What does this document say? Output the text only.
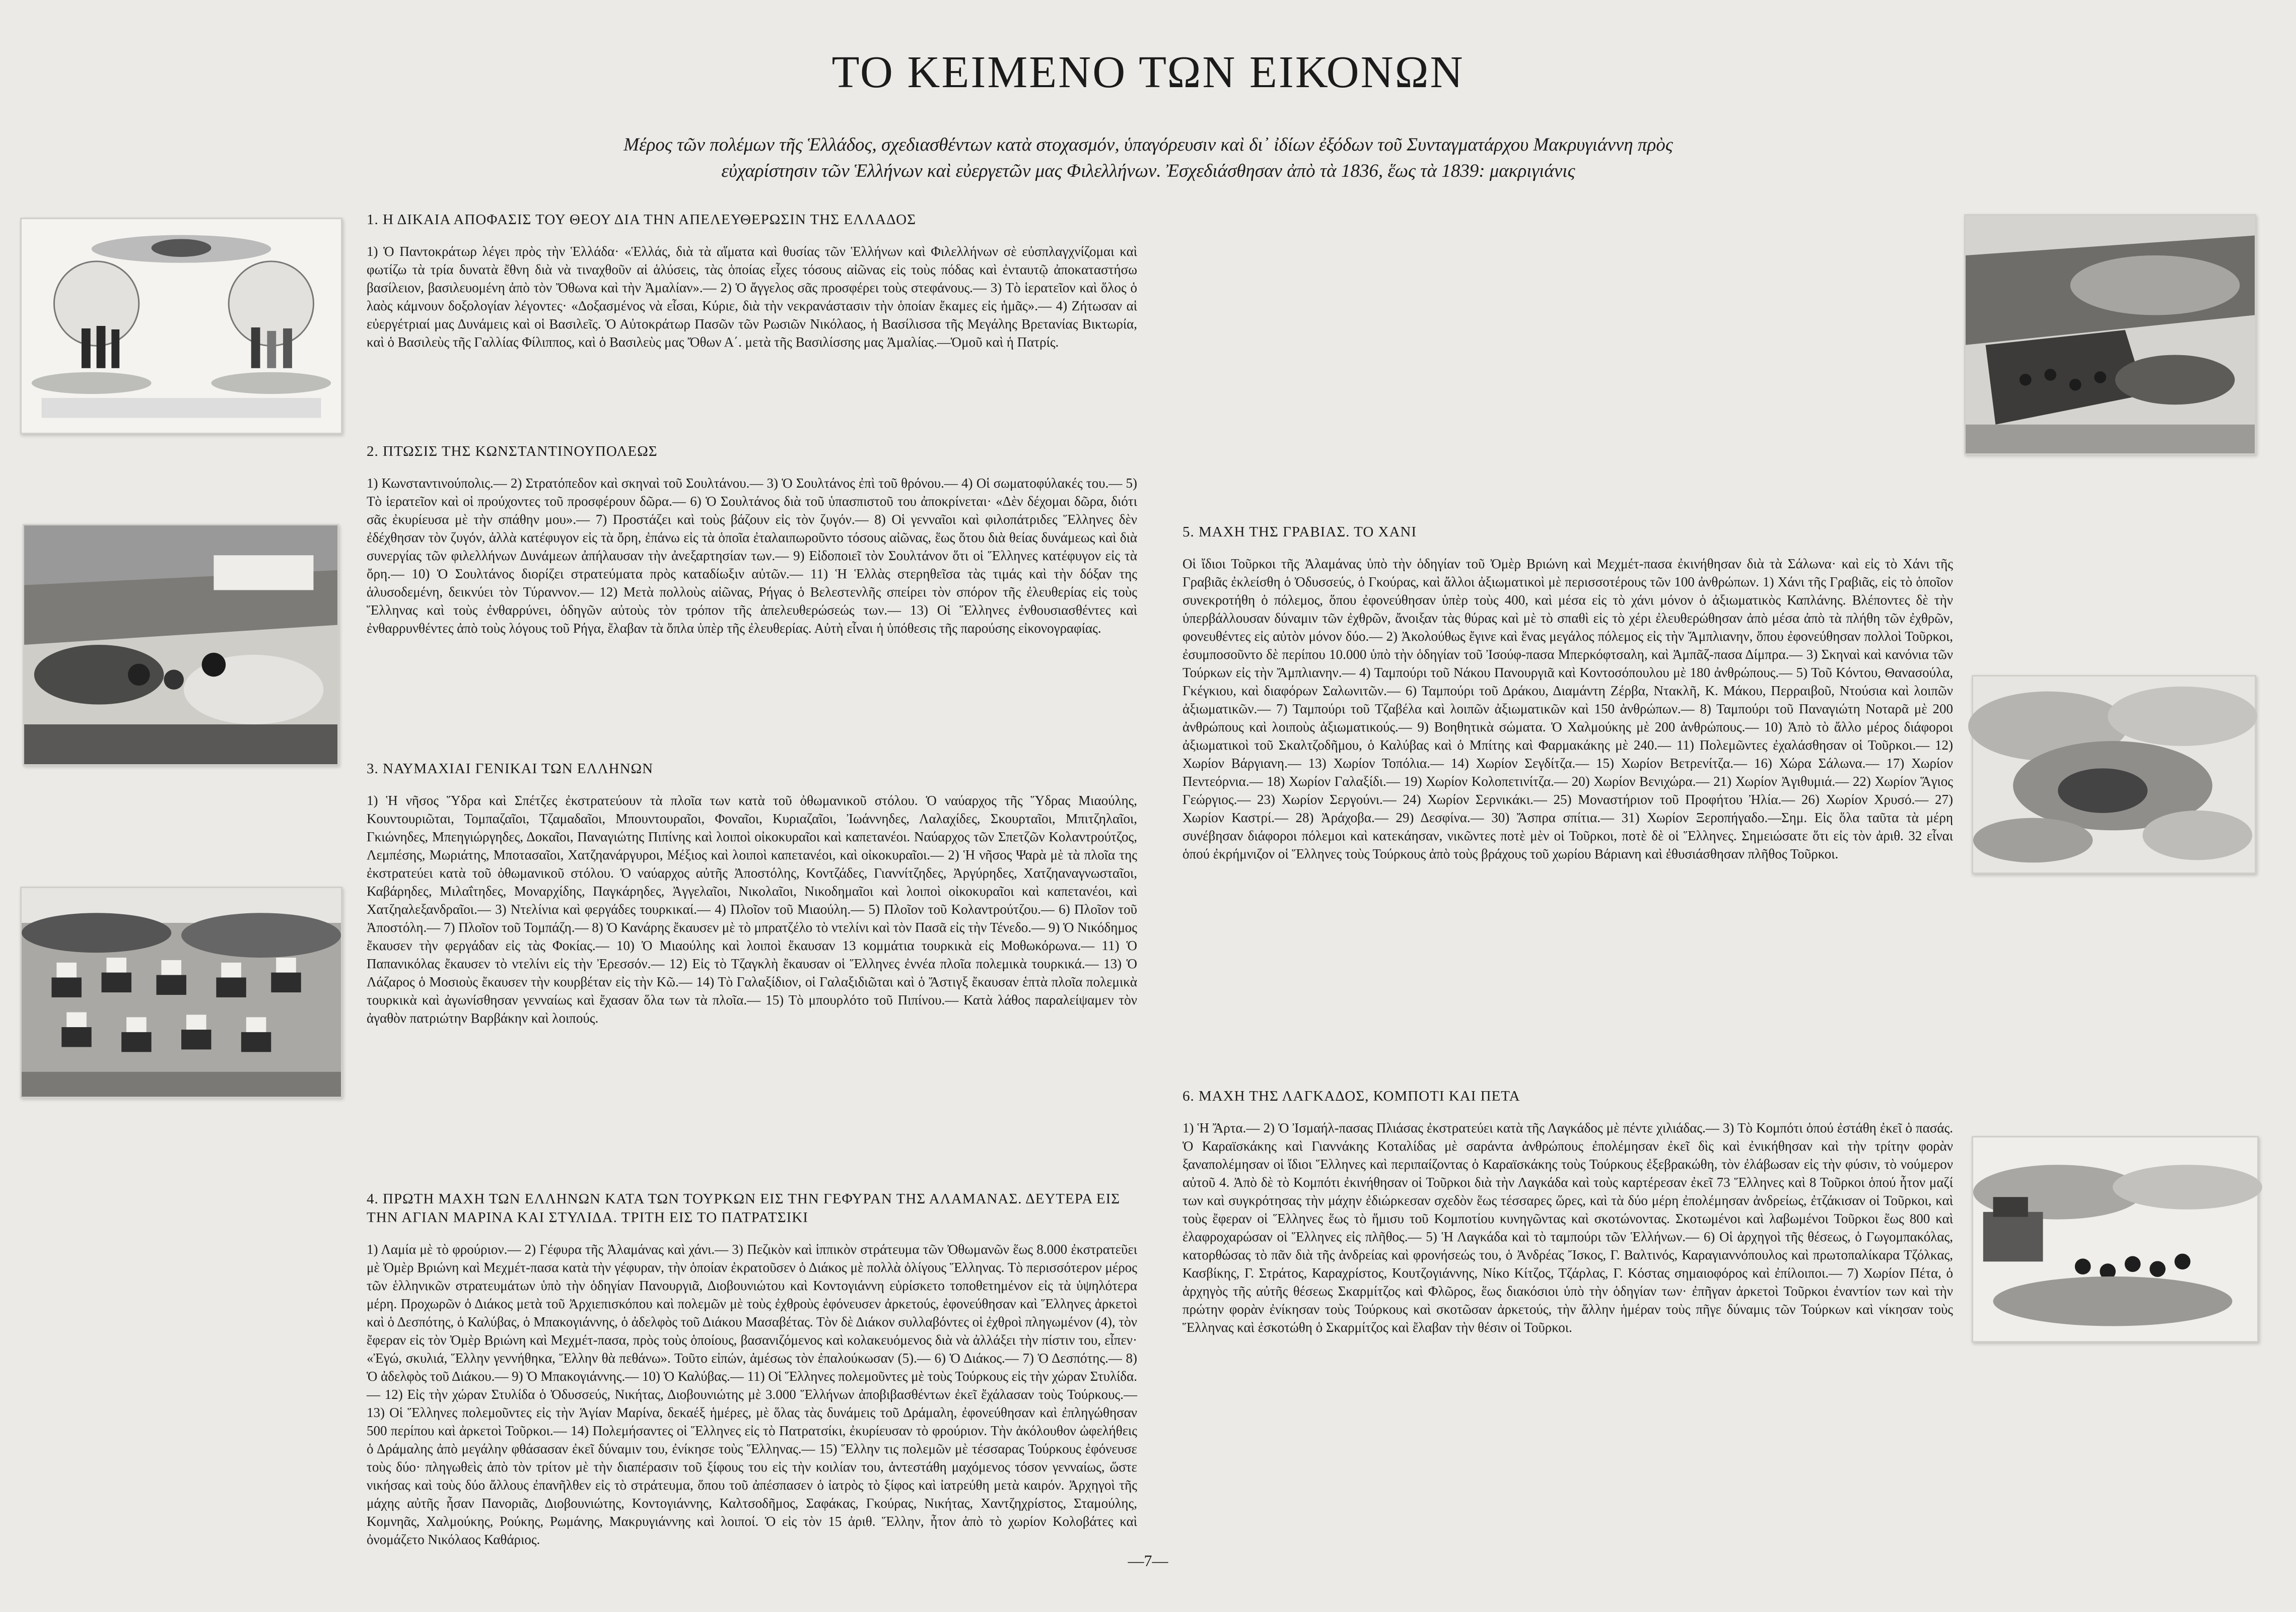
ΤΟ ΚΕΙΜΕΝΟ ΤΩΝ ΕΙΚΟΝΩΝ

Μέρος τῶν πολέμων τῆς Ἑλλάδος, σχεδιασθέντων κατὰ στοχασμόν, ὑπαγόρευσιν καὶ δι᾿ ἰδίων ἐξόδων τοῦ Συνταγματάρχου Μακρυγιάννη πρὸς
εὐχαρίστησιν τῶν Ἑλλήνων καὶ εὐεργετῶν μας Φιλελλήνων. Ἐσχεδιάσθησαν ἀπὸ τὰ 1836, ἕως τὰ 1839: μακριγιάνις

1. Η ΔΙΚΑΙΑ ΑΠΟΦΑΣΙΣ ΤΟΥ ΘΕΟΥ ΔΙΑ ΤΗΝ ΑΠΕΛΕΥΘΕΡΩΣΙΝ ΤΗΣ ΕΛΛΑΔΟΣ

1) Ὁ Παντοκράτωρ λέγει πρὸς τὴν Ἑλλάδα· «Ἑλλάς, διὰ τὰ αἵματα καὶ θυσίας τῶν Ἑλλήνων καὶ Φιλελλήνων σὲ εὐσπλαγχνίζομαι καὶ φωτίζω τὰ τρία δυνατὰ ἔθνη διὰ νὰ τιναχθοῦν αἱ ἁλύσεις, τὰς ὁποίας εἶχες τόσους αἰῶνας εἰς τοὺς πόδας καὶ ἐνταυτῷ ἀποκαταστήσω βασίλειον, βασιλευομένη ἀπὸ τὸν Ὄθωνα καὶ τὴν Ἀμαλίαν».— 2) Ὁ ἄγγελος σᾶς προσφέρει τοὺς στεφάνους.— 3) Τὸ ἱερατεῖον καὶ ὅλος ὁ λαὸς κάμνουν δοξολογίαν λέγοντες· «Δοξασμένος νὰ εἶσαι, Κύριε, διὰ τὴν νεκρανάστασιν τὴν ὁποίαν ἔκαμες εἰς ἡμᾶς».— 4) Ζήτωσαν αἱ εὐεργέτριαί μας Δυνάμεις καὶ οἱ Βασιλεῖς. Ὁ Αὐτοκράτωρ Πασῶν τῶν Ρωσιῶν Νικόλαος, ἡ Βασίλισσα τῆς Μεγάλης Βρετανίας Βικτωρία, καὶ ὁ Βασιλεὺς τῆς Γαλλίας Φίλιππος, καὶ ὁ Βασιλεὺς μας Ὄθων Α΄. μετὰ τῆς Βασιλίσσης μας Ἀμαλίας.—Ὁμοῦ καὶ ἡ Πατρίς.

2. ΠΤΩΣΙΣ ΤΗΣ ΚΩΝΣΤΑΝΤΙΝΟΥΠΟΛΕΩΣ

1) Κωνσταντινούπολις.— 2) Στρατόπεδον καὶ σκηναὶ τοῦ Σουλτάνου.— 3) Ὁ Σουλτάνος ἐπὶ τοῦ θρόνου.— 4) Οἱ σωματοφύλακές του.— 5) Τὸ ἱερατεῖον καὶ οἱ προύχοντες τοῦ προσφέρουν δῶρα.— 6) Ὁ Σουλτάνος διὰ τοῦ ὑπασπιστοῦ του ἀποκρίνεται· «Δὲν δέχομαι δῶρα, διότι σᾶς ἐκυρίευσα μὲ τὴν σπάθην μου».— 7) Προστάζει καὶ τοὺς βάζουν εἰς τὸν ζυγόν.— 8) Οἱ γενναῖοι καὶ φιλοπάτριδες Ἕλληνες δὲν ἐδέχθησαν τὸν ζυγόν, ἀλλὰ κατέφυγον εἰς τὰ ὄρη, ἐπάνω εἰς τὰ ὁποῖα ἐταλαιπωροῦντο τόσους αἰῶνας, ἕως ὅτου διὰ θείας δυνάμεως καὶ διὰ συνεργίας τῶν φιλελλήνων Δυνάμεων ἀπήλαυσαν τὴν ἀνεξαρτησίαν των.— 9) Εἰδοποιεῖ τὸν Σουλτάνον ὅτι οἱ Ἕλληνες κατέφυγον εἰς τὰ ὄρη.— 10) Ὁ Σουλτάνος διορίζει στρατεύματα πρὸς καταδίωξιν αὐτῶν.— 11) Ἡ Ἑλλὰς στερηθεῖσα τὰς τιμάς καὶ τὴν δόξαν της ἁλυσοδεμένη, δεικνύει τὸν Τύραννον.— 12) Μετὰ πολλοὺς αἰῶνας, Ρήγας ὁ Βελεστενλῆς σπείρει τὸν σπόρον τῆς ἐλευθερίας εἰς τοὺς Ἕλληνας καὶ τοὺς ἐνθαρρύνει, ὁδηγῶν αὐτοὺς τὸν τρόπον τῆς ἀπελευθερώσεώς των.— 13) Οἱ Ἕλληνες ἐνθουσιασθέντες καὶ ἐνθαρρυνθέντες ἀπὸ τοὺς λόγους τοῦ Ρήγα, ἔλαβαν τὰ ὅπλα ὑπὲρ τῆς ἐλευθερίας. Αὐτὴ εἶναι ἡ ὑπόθεσις τῆς παρούσης εἰκονογραφίας.

3. ΝΑΥΜΑΧΙΑΙ ΓΕΝΙΚΑΙ ΤΩΝ ΕΛΛΗΝΩΝ

1) Ἡ νῆσος Ὕδρα καὶ Σπέτζες ἐκστρατεύουν τὰ πλοῖα των κατὰ τοῦ ὀθωμανικοῦ στόλου. Ὁ ναύαρχος τῆς Ὕδρας Μιαούλης, Κουντουριῶται, Τομπαζαῖοι, Τζαμαδαῖοι, Μπουντουραῖοι, Φοναῖοι, Κυριαζαῖοι, Ἰωάννηδες, Λαλαχίδες, Σκουρταῖοι, Μπιτζηλαῖοι, Γκιώνηδες, Μπεηγιώργηδες, Δοκαῖοι, Παναγιώτης Πιπίνης καὶ λοιποὶ οἰκοκυραῖοι καὶ καπετανέοι. Ναύαρχος τῶν Σπετζῶν Κολαντρούτζος, Λεμπέσης, Μωριάτης, Μποτασαῖοι, Χατζηανάργυροι, Μέξιος καὶ λοιποὶ καπετανέοι, καὶ οἰκοκυραῖοι.— 2) Ἡ νῆσος Ψαρὰ μὲ τὰ πλοῖα της ἐκστρατεύει κατὰ τοῦ ὀθωμανικοῦ στόλου. Ὁ ναύαρχος αὐτῆς Ἀποστόλης, Κοντζάδες, Γιαννίτζηδες, Ἀργύρηδες, Χατζηαναγνωσταῖοι, Καβάρηδες, Μιλαΐτηδες, Μοναρχίδης, Παγκάρηδες, Ἀγγελαῖοι, Νικολαῖοι, Νικοδημαῖοι καὶ λοιποὶ οἰκοκυραῖοι καὶ καπετανέοι, καὶ Χατζηαλεξανδραῖοι.— 3) Ντελίνια καὶ φεργάδες τουρκικαί.— 4) Πλοῖον τοῦ Μιαούλη.— 5) Πλοῖον τοῦ Κολαντρούτζου.— 6) Πλοῖον τοῦ Ἀποστόλη.— 7) Πλοῖον τοῦ Τομπάζη.— 8) Ὁ Κανάρης ἔκαυσεν μὲ τὸ μπρατζέλο τὸ ντελίνι καὶ τὸν Πασᾶ εἰς τὴν Τένεδο.— 9) Ὁ Νικόδημος ἔκαυσεν τὴν φεργάδαν εἰς τὰς Φοκίας.— 10) Ὁ Μιαούλης καὶ λοιποὶ ἔκαυσαν 13 κομμάτια τουρκικὰ εἰς Μοθωκόρωνα.— 11) Ὁ Παπανικόλας ἔκαυσεν τὸ ντελίνι εἰς τὴν Ἐρεσσόν.— 12) Εἰς τὸ Τζαγκλὴ ἔκαυσαν οἱ Ἕλληνες ἐννέα πλοῖα πολεμικὰ τουρκικά.— 13) Ὁ Λάζαρος ὁ Μοσιοὺς ἔκαυσεν τὴν κουρβέταν εἰς τὴν Κῶ.— 14) Τὸ Γαλαξίδιον, οἱ Γαλαξιδιῶται καὶ ὁ Ἄστιγξ ἔκαυσαν ἑπτὰ πλοῖα πολεμικὰ τουρκικὰ καὶ ἀγωνίσθησαν γενναίως καὶ ἔχασαν ὅλα των τὰ πλοῖα.— 15) Τὸ μπουρλότο τοῦ Πιπίνου.— Κατὰ λάθος παραλείψαμεν τὸν ἀγαθὸν πατριώτην Βαρβάκην καὶ λοιπούς.

4. ΠΡΩΤΗ ΜΑΧΗ ΤΩΝ ΕΛΛΗΝΩΝ ΚΑΤΑ ΤΩΝ ΤΟΥΡΚΩΝ ΕΙΣ ΤΗΝ ΓΕΦΥΡΑΝ ΤΗΣ ΑΛΑΜΑΝΑΣ. ΔΕΥΤΕΡΑ ΕΙΣ ΤΗΝ ΑΓΙΑΝ ΜΑΡΙΝΑ ΚΑΙ ΣΤΥΛΙΔΑ. ΤΡΙΤΗ ΕΙΣ ΤΟ ΠΑΤΡΑΤΣΙΚΙ

1) Λαμία μὲ τὸ φρούριον.— 2) Γέφυρα τῆς Ἀλαμάνας καὶ χάνι.— 3) Πεζικὸν καὶ ἱππικὸν στράτευμα τῶν Ὀθωμανῶν ἕως 8.000 ἐκστρατεῦει μὲ Ὀμὲρ Βριώνη καὶ Μεχμέτ-πασα κατὰ τὴν γέφυραν, τὴν ὁποίαν ἐκρατοῦσεν ὁ Διάκος μὲ πολλὰ ὀλίγους Ἕλληνας. Τὸ περισσότερον μέρος τῶν ἑλληνικῶν στρατευμάτων ὑπὸ τὴν ὁδηγίαν Πανουργιᾶ, Διοβουνιώτου καὶ Κοντογιάννη εὑρίσκετο τοποθετημένον εἰς τὰ ὑψηλότερα μέρη. Προχωρῶν ὁ Διάκος μετὰ τοῦ Ἀρχιεπισκόπου καὶ πολεμῶν μὲ τοὺς ἐχθροὺς ἐφόνευσεν ἀρκετούς, ἐφονεύθησαν καὶ Ἕλληνες ἀρκετοὶ καὶ ὁ Δεσπότης, ὁ Καλύβας, ὁ Μπακογιάννης, ὁ ἀδελφὸς τοῦ Διάκου Μασαβέτας. Τὸν δὲ Διάκον συλλαβόντες οἱ ἐχθροὶ πληγωμένον (4), τὸν ἔφεραν εἰς τὸν Ὀμὲρ Βριώνη καὶ Μεχμέτ-πασα, πρὸς τοὺς ὁποίους, βασανιζόμενος καὶ κολακευόμενος διὰ νὰ ἀλλάξει τὴν πίστιν του, εἶπεν· «Ἐγώ, σκυλιά, Ἕλλην γεννήθηκα, Ἕλλην θὰ πεθάνω». Τοῦτο εἰπών, ἀμέσως τὸν ἐπαλούκωσαν (5).— 6) Ὁ Διάκος.— 7) Ὁ Δεσπότης.— 8) Ὁ ἀδελφὸς τοῦ Διάκου.— 9) Ὁ Μπακογιάννης.— 10) Ὁ Καλύβας.— 11) Οἱ Ἕλληνες πολεμοῦντες μὲ τοὺς Τούρκους εἰς τὴν χώραν Στυλίδα.— 12) Εἰς τὴν χώραν Στυλίδα ὁ Ὀδυσσεύς, Νικήτας, Διοβουνιώτης μὲ 3.000 Ἕλλήνων ἀποβιβασθέντων ἐκεῖ ἔχάλασαν τοὺς Τούρκους.— 13) Οἱ Ἕλληνες πολεμοῦντες εἰς τὴν Ἁγίαν Μαρίνα, δεκαέξ ἡμέρες, μὲ ὅλας τὰς δυνάμεις τοῦ Δράμαλη, ἐφονεύθησαν καὶ ἐπληγώθησαν 500 περίπου καὶ ἀρκετοὶ Τοῦρκοι.— 14) Πολεμήσαντες οἱ Ἕλληνες εἰς τὸ Πατρατσίκι, ἐκυρίευσαν τὸ φρούριον. Τὴν ἀκόλουθον ὠφελήθεις ὁ Δράμαλης ἀπὸ μεγάλην φθάσασαν ἐκεῖ δύναμιν του, ἐνίκησε τοὺς Ἕλληνας.— 15) Ἕλλην τις πολεμῶν μὲ τέσσαρας Τούρκους ἐφόνευσε τοὺς δύο· πληγωθεὶς ἀπὸ τὸν τρίτον μὲ τὴν διαπέρασιν τοῦ ξίφους του εἰς τὴν κοιλίαν του, ἀντεστάθη μαχόμενος τόσον γενναίως, ὥστε νικήσας καὶ τοὺς δύο ἄλλους ἐπανῆλθεν εἰς τὸ στράτευμα, ὅπου τοῦ ἀπέσπασεν ὁ ἰατρὸς τὸ ξίφος καὶ ἰατρεύθη μετὰ καιρόν. Ἀρχηγοὶ τῆς μάχης αὐτῆς ἦσαν Πανοριᾶς, Διοβουνιώτης, Κοντογιάννης, Καλτσοδῆμος, Σαφάκας, Γκούρας, Νικήτας, Χαντζηχρίστος, Σταμούλης, Κομνηᾶς, Χαλμούκης, Ρούκης, Ρωμάνης, Μακρυγιάννης καὶ λοιποί. Ὁ εἰς τὸν 15 ἀριθ. Ἕλλην, ἦτον ἀπὸ τὸ χωρίον Κολοβάτες καὶ ὀνομάζετο Νικόλαος Καθάριος.

5. ΜΑΧΗ ΤΗΣ ΓΡΑΒΙΑΣ. ΤΟ ΧΑΝΙ

Οἱ ἴδιοι Τοῦρκοι τῆς Ἀλαμάνας ὑπὸ τὴν ὁδηγίαν τοῦ Ὀμὲρ Βριώνη καὶ Μεχμέτ-πασα ἐκινήθησαν διὰ τὰ Σάλωνα· καὶ εἰς τὸ Χάνι τῆς Γραβιᾶς ἐκλείσθη ὁ Ὀδυσσεύς, ὁ Γκούρας, καὶ ἄλλοι ἀξιωματικοὶ μὲ περισσοτέρους τῶν 100 ἀνθρώπων. 1) Χάνι τῆς Γραβιᾶς, εἰς τὸ ὁποῖον συνεκροτήθη ὁ πόλεμος, ὅπου ἐφονεύθησαν ὑπὲρ τοὺς 400, καὶ μέσα εἰς τὸ χάνι μόνον ὁ ἀξιωματικὸς Καπλάνης. Βλέποντες δὲ τὴν ὑπερβάλλουσαν δύναμιν τῶν ἐχθρῶν, ἄνοιξαν τὰς θύρας καὶ μὲ τὸ σπαθὶ εἰς τὸ χέρι ἐλευθερώθησαν ἀπὸ μέσα ἀπὸ τὰ πλήθη τῶν ἐχθρῶν, φονευθέντες εἰς αὐτὸν μόνον δύο.— 2) Ἀκολούθως ἔγινε καὶ ἕνας μεγάλος πόλεμος εἰς τὴν Ἄμπλιανην, ὅπου ἐφονεύθησαν πολλοὶ Τοῦρκοι, ἐσυμποσοῦντο δὲ περίπου 10.000 ὑπὸ τὴν ὁδηγίαν τοῦ Ἰσούφ-πασα Μπερκόφτσαλη, καὶ Ἀμπᾶζ-πασα Δίμπρα.— 3) Σκηναὶ καὶ κανόνια τῶν Τούρκων εἰς τὴν Ἄμπλιανην.— 4) Ταμπούρι τοῦ Νάκου Πανουργιᾶ καὶ Κοντοσόπουλου μὲ 180 ἀνθρώπους.— 5) Τοῦ Κόντου, Θανασούλα, Γκέγκιου, καὶ διαφόρων Σαλωνιτῶν.— 6) Ταμπούρι τοῦ Δράκου, Διαμάντη Ζέρβα, Ντακλῆ, Κ. Μάκου, Περραιβοῦ, Ντούσια καὶ λοιπῶν ἀξιωματικῶν.— 7) Ταμπούρι τοῦ Τζαβέλα καὶ λοιπῶν ἀξιωματικῶν καὶ 150 ἀνθρώπων.— 8) Ταμπούρι τοῦ Παναγιώτη Νοταρᾶ μὲ 200 ἀνθρώπους καὶ λοιποὺς ἀξιωματικούς.— 9) Βοηθητικὰ σώματα. Ὁ Χαλμούκης μὲ 200 ἀνθρώπους.— 10) Ἀπὸ τὸ ἄλλο μέρος διάφοροι ἀξιωματικοὶ τοῦ Σκαλτζοδῆμου, ὁ Καλύβας καὶ ὁ Μπίτης καὶ Φαρμακάκης μὲ 240.— 11) Πολεμῶντες ἐχαλάσθησαν οἱ Τοῦρκοι.— 12) Χωρίον Βάργιανη.— 13) Χωρίον Τοπόλια.— 14) Χωρίον Σεγδίτζα.— 15) Χωρίον Βετρενίτζα.— 16) Χώρα Σάλωνα.— 17) Χωρίον Πεντεόρνια.— 18) Χωρίον Γαλαξίδι.— 19) Χωρίον Κολοπετινίτζα.— 20) Χωρίον Βενιχώρα.— 21) Χωρίον Ἀγιθυμιά.— 22) Χωρίον Ἅγιος Γεώργιος.— 23) Χωρίον Σεργούνι.— 24) Χωρίον Σερνικάκι.— 25) Μοναστήριον τοῦ Προφήτου Ἠλία.— 26) Χωρίον Χρυσό.— 27) Χωρίον Καστρί.— 28) Ἀράχοβα.— 29) Δεσφίνα.— 30) Ἄσπρα σπίτια.— 31) Χωρίον Ξεροπήγαδο.—Σημ. Εἰς ὅλα ταῦτα τὰ μέρη συνέβησαν διάφοροι πόλεμοι καὶ κατεκάησαν, νικῶντες ποτὲ μὲν οἱ Τοῦρκοι, ποτὲ δὲ οἱ Ἕλληνες. Σημειώσατε ὅτι εἰς τὸν ἀριθ. 32 εἶναι ὁπού ἐκρήμνιζον οἱ Ἕλληνες τοὺς Τούρκους ἀπὸ τοὺς βράχους τοῦ χωρίου Βάριανη καὶ ἐθυσιάσθησαν πλῆθος Τοῦρκοι.

6. ΜΑΧΗ ΤΗΣ ΛΑΓΚΑΔΟΣ, ΚΟΜΠΟΤΙ ΚΑΙ ΠΕΤΑ

1) Ἡ Ἄρτα.— 2) Ὁ Ἰσμαήλ-πασας Πλιάσας ἐκστρατεύει κατὰ τῆς Λαγκάδος μὲ πέντε χιλιάδας.— 3) Τὸ Κομπότι ὁπού ἐστάθη ἐκεῖ ὁ πασάς. Ὁ Καραϊσκάκης καὶ Γιαννάκης Κοταλίδας μὲ σαράντα ἀνθρώπους ἐπολέμησαν ἐκεῖ δὶς καὶ ἐνικήθησαν καὶ τὴν τρίτην φορὰν ξαναπολέμησαν οἱ ἴδιοι Ἕλληνες καὶ περιπαίζοντας ὁ Καραϊσκάκης τοὺς Τούρκους ἐξεβρακώθη, τὸν ἐλάβωσαν εἰς τὴν φύσιν, τὸ νούμερον αὐτοῦ 4. Ἀπὸ δὲ τὸ Κομπότι ἐκινήθησαν οἱ Τοῦρκοι διὰ τὴν Λαγκάδα καὶ τοὺς καρτέρεσαν ἐκεῖ 73 Ἕλληνες καὶ 8 Τοῦρκοι ὁπού ἦτον μαζί των καὶ συγκρότησας τὴν μάχην ἐδιώρκεσαν σχεδὸν ἕως τέσσαρες ὥρες, καὶ τὰ δύο μέρη ἐπολέμησαν ἀνδρείως, ἐτζάκισαν οἱ Τοῦρκοι, καὶ τοὺς ἔφεραν οἱ Ἕλληνες ἕως τὸ ἥμισυ τοῦ Κομποτίου κυνηγῶντας καὶ σκοτώνοντας. Σκοτωμένοι καὶ λαβωμένοι Τοῦρκοι ἕως 800 καὶ ἐλαφροχαρώσαν οἱ Ἕλληνες εἰς πλῆθος.— 5) Ἡ Λαγκάδα καὶ τὸ ταμπούρι τῶν Ἑλλήνων.— 6) Οἱ ἀρχηγοὶ τῆς θέσεως, ὁ Γωγομπακόλας, κατορθώσας τὸ πᾶν διὰ τῆς ἀνδρείας καὶ φρονήσεώς του, ὁ Ἀνδρέας Ἴσκος, Γ. Βαλτινός, Καραγιαννόπουλος καὶ πρωτοπαλίκαρα Τζόλκας, Κασβίκης, Γ. Στράτος, Καραχρίστος, Κουτζογιάννης, Νίκο Κίτζος, Τζάρλας, Γ. Κόστας σημαιοφόρος καὶ ἐπίλοιποι.— 7) Χωρίον Πέτα, ὁ ἀρχηγὸς τῆς αὐτῆς θέσεως Σκαρμίτζος καὶ Φλῶρος, ἕως διακόσιοι ὑπὸ τὴν ὁδηγίαν των· ἐπῆγαν ἀρκετοὶ Τοῦρκοι ἐναντίον των καὶ τὴν πρώτην φορὰν ἐνίκησαν τοὺς Τούρκους καὶ σκοτῶσαν ἀρκετούς, τὴν ἄλλην ἡμέραν τοὺς πῆγε δύναμις τῶν Τούρκων καὶ νίκησαν τοὺς Ἕλληνας καὶ ἐσκοτώθη ὁ Σκαρμίτζος καὶ ἔλαβαν τὴν θέσιν οἱ Τοῦρκοι.

—7—
